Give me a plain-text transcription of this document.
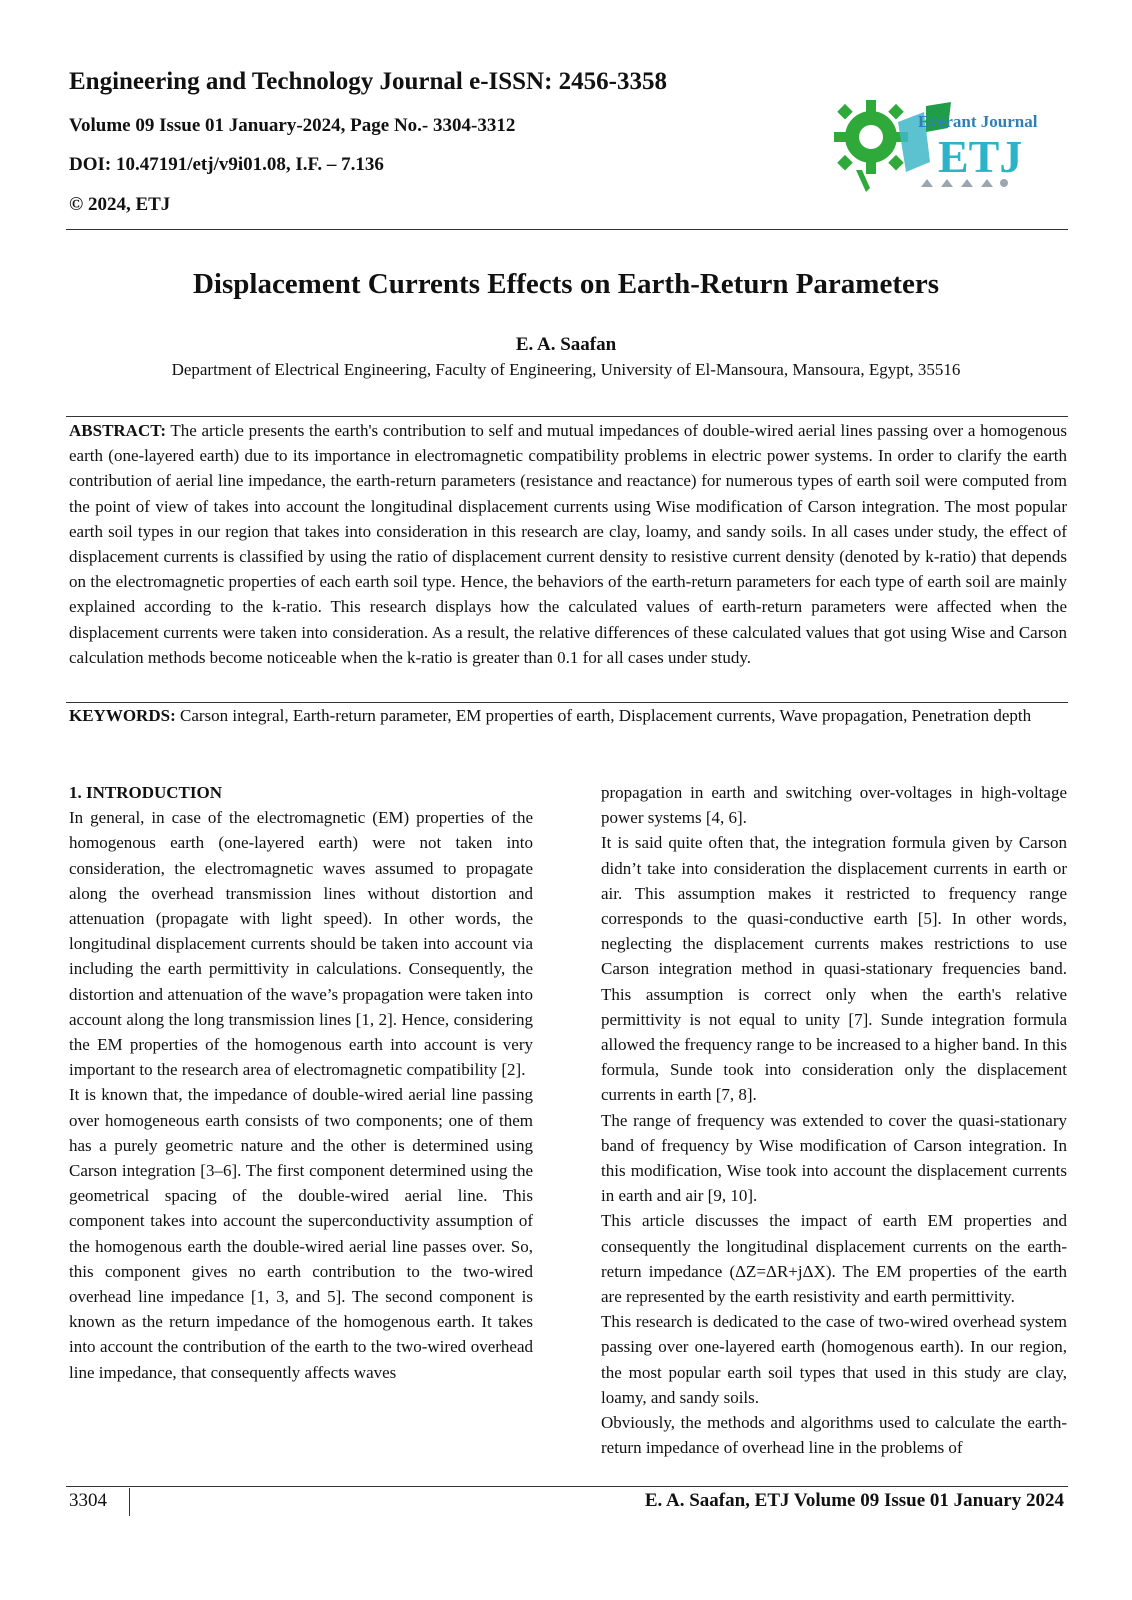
Engineering and Technology Journal e-ISSN: 2456-3358
Volume 09 Issue 01 January-2024, Page No.- 3304-3312
DOI: 10.47191/etj/v9i01.08, I.F. – 7.136
© 2024, ETJ
Everant Journal
ETJ
Displacement Currents Effects on Earth-Return Parameters
E. A. Saafan
Department of Electrical Engineering, Faculty of Engineering, University of El-Mansoura, Mansoura, Egypt, 35516
ABSTRACT: The article presents the earth's contribution to self and mutual impedances of double-wired aerial lines passing over a homogenous earth (one-layered earth) due to its importance in electromagnetic compatibility problems in electric power systems. In order to clarify the earth contribution of aerial line impedance, the earth-return parameters (resistance and reactance) for numerous types of earth soil were computed from the point of view of takes into account the longitudinal displacement currents using Wise modification of Carson integration. The most popular earth soil types in our region that takes into consideration in this research are clay, loamy, and sandy soils. In all cases under study, the effect of displacement currents is classified by using the ratio of displacement current density to resistive current density (denoted by k-ratio) that depends on the electromagnetic properties of each earth soil type. Hence, the behaviors of the earth-return parameters for each type of earth soil are mainly explained according to the k-ratio. This research displays how the calculated values of earth-return parameters were affected when the displacement currents were taken into consideration. As a result, the relative differences of these calculated values that got using Wise and Carson calculation methods become noticeable when the k-ratio is greater than 0.1 for all cases under study.
KEYWORDS: Carson integral, Earth-return parameter, EM properties of earth, Displacement currents, Wave propagation, Penetration depth
1. INTRODUCTION

In general, in case of the electromagnetic (EM) properties of the homogenous earth (one-layered earth) were not taken into consideration, the electromagnetic waves assumed to propagate along the overhead transmission lines without distortion and attenuation (propagate with light speed). In other words, the longitudinal displacement currents should be taken into account via including the earth permittivity in calculations. Consequently, the distortion and attenuation of the wave’s propagation were taken into account along the long transmission lines [1, 2]. Hence, considering the EM properties of the homogenous earth into account is very important to the research area of electromagnetic compatibility [2].

It is known that, the impedance of double-wired aerial line passing over homogeneous earth consists of two components; one of them has a purely geometric nature and the other is determined using Carson integration [3–6]. The first component determined using the geometrical spacing of the double-wired aerial line. This component takes into account the superconductivity assumption of the homogenous earth the double-wired aerial line passes over. So, this component gives no earth contribution to the two-wired overhead line impedance [1, 3, and 5]. The second component is known as the return impedance of the homogenous earth. It takes into account the contribution of the earth to the two-wired overhead line impedance, that consequently affects waves

propagation in earth and switching over-voltages in high-voltage power systems [4, 6].

It is said quite often that, the integration formula given by Carson didn’t take into consideration the displacement currents in earth or air. This assumption makes it restricted to frequency range corresponds to the quasi-conductive earth [5]. In other words, neglecting the displacement currents makes restrictions to use Carson integration method in quasi-stationary frequencies band. This assumption is correct only when the earth's relative permittivity is not equal to unity [7]. Sunde integration formula allowed the frequency range to be increased to a higher band. In this formula, Sunde took into consideration only the displacement currents in earth [7, 8].

The range of frequency was extended to cover the quasi-stationary band of frequency by Wise modification of Carson integration. In this modification, Wise took into account the displacement currents in earth and air [9, 10].

This article discusses the impact of earth EM properties and consequently the longitudinal displacement currents on the earth-return impedance (ΔZ=ΔR+jΔX). The EM properties of the earth are represented by the earth resistivity and earth permittivity.

This research is dedicated to the case of two-wired overhead system passing over one-layered earth (homogenous earth). In our region, the most popular earth soil types that used in this study are clay, loamy, and sandy soils.

Obviously, the methods and algorithms used to calculate the earth-return impedance of overhead line in the problems of

3304	E. A. Saafan, ETJ Volume 09 Issue 01 January 2024
